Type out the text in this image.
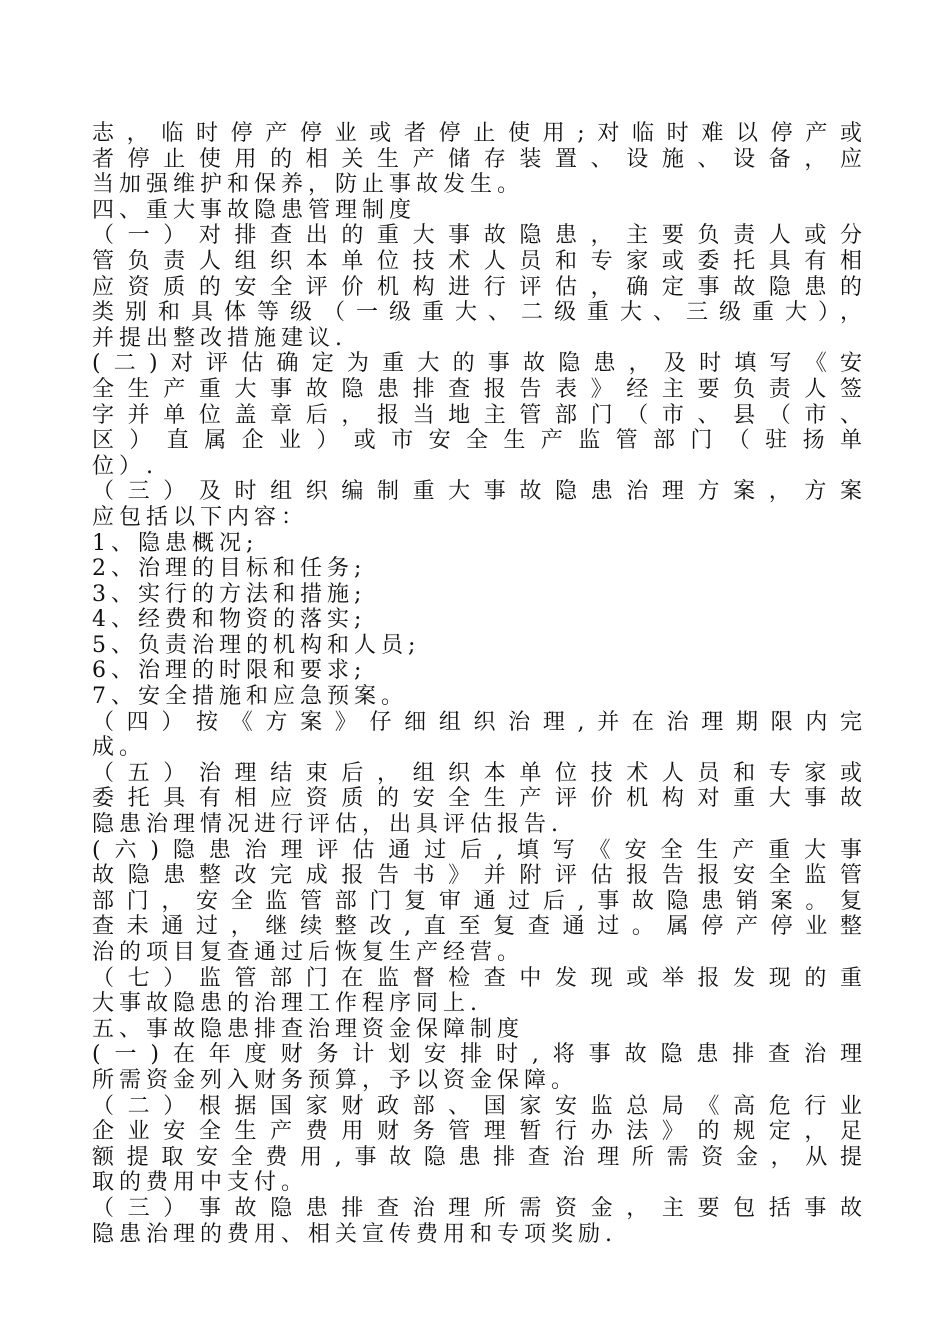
志，临时停产停业或者停止使用;对临时难以停产或
者停止使用的相关生产储存装置、设施、设备，应
当加强维护和保养，防止事故发生。
四、重大事故隐患管理制度
（一）对排查出的重大事故隐患，主要负责人或分
管负责人组织本单位技术人员和专家或委托具有相
应资质的安全评价机构进行评估，确定事故隐患的
类别和具体等级（一级重大、二级重大、三级重大），
并提出整改措施建议.
(二)对评估确定为重大的事故隐患，及时填写《安
全生产重大事故隐患排查报告表》经主要负责人签
字并单位盖章后，报当地主管部门（市、县（市、
区）直属企业）或市安全生产监管部门（驻扬单
位）.
（三）及时组织编制重大事故隐患治理方案，方案
应包括以下内容：
1、隐患概况;
2、治理的目标和任务;
3、实行的方法和措施;
4、经费和物资的落实;
5、负责治理的机构和人员;
6、治理的时限和要求;
7、安全措施和应急预案。
（四）按《方案》仔细组织治理,并在治理期限内完
成。
（五）治理结束后，组织本单位技术人员和专家或
委托具有相应资质的安全生产评价机构对重大事故
隐患治理情况进行评估，出具评估报告.
(六)隐患治理评估通过后,填写《安全生产重大事
故隐患整改完成报告书》并附评估报告报安全监管
部门，安全监管部门复审通过后,事故隐患销案。复
查未通过，继续整改,直至复查通过。属停产停业整
治的项目复查通过后恢复生产经营。
（七）监管部门在监督检查中发现或举报发现的重
大事故隐患的治理工作程序同上.
五、事故隐患排查治理资金保障制度
(一)在年度财务计划安排时,将事故隐患排查治理
所需资金列入财务预算，予以资金保障。
（二）根据国家财政部、国家安监总局《高危行业
企业安全生产费用财务管理暂行办法》的规定，足
额提取安全费用,事故隐患排查治理所需资金，从提
取的费用中支付。
（三）事故隐患排查治理所需资金，主要包括事故
隐患治理的费用、相关宣传费用和专项奖励.
